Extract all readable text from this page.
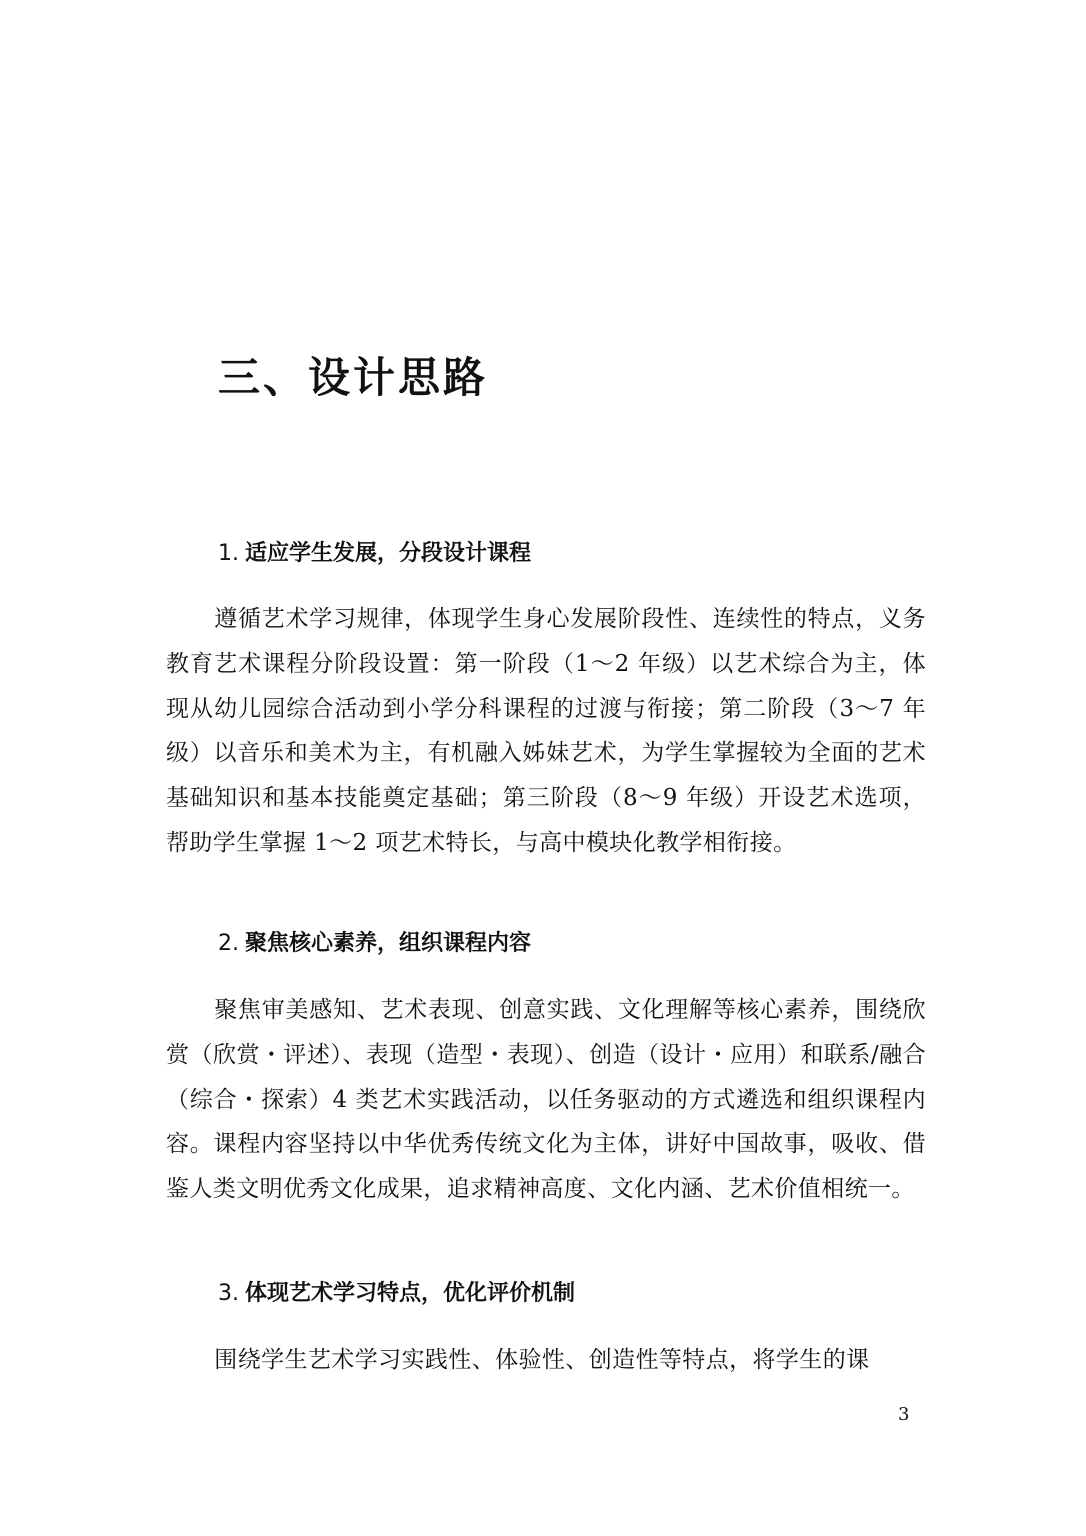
三、设计思路
1. 适应学生发展，分段设计课程

遵循艺术学习规律，体现学生身心发展阶段性、连续性的特点，义务教育艺术课程分阶段设置：第一阶段（1～2 年级）以艺术综合为主，体现从幼儿园综合活动到小学分科课程的过渡与衔接；第二阶段（3～7 年级）以音乐和美术为主，有机融入姊妹艺术，为学生掌握较为全面的艺术基础知识和基本技能奠定基础；第三阶段（8～9 年级）开设艺术选项，帮助学生掌握 1～2 项艺术特长，与高中模块化教学相衔接。

2. 聚焦核心素养，组织课程内容

聚焦审美感知、艺术表现、创意实践、文化理解等核心素养，围绕欣赏（欣赏・评述）、表现（造型・表现）、创造（设计・应用）和联系/融合（综合・探索）4 类艺术实践活动，以任务驱动的方式遴选和组织课程内容。课程内容坚持以中华优秀传统文化为主体，讲好中国故事，吸收、借鉴人类文明优秀文化成果，追求精神高度、文化内涵、艺术价值相统一。

3. 体现艺术学习特点，优化评价机制

围绕学生艺术学习实践性、体验性、创造性等特点，将学生的课

3
